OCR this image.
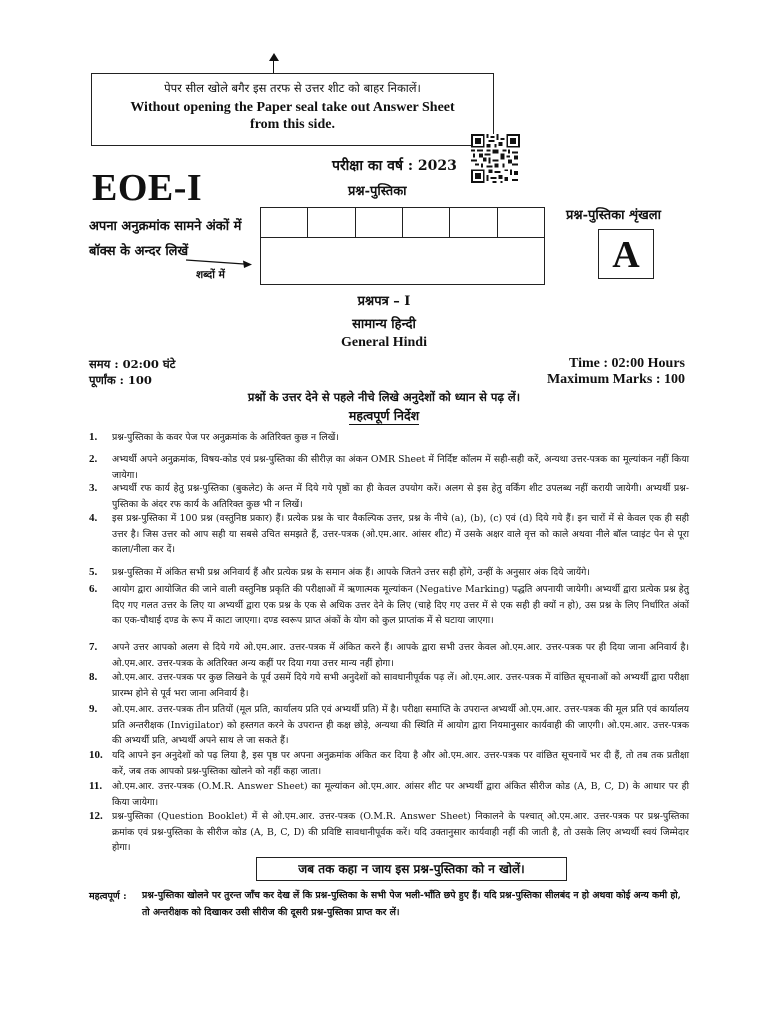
पेपर सील खोले बगैर इस तरफ से उत्तर शीट को बाहर निकालें।
Without opening the Paper seal take out Answer Sheet
from this side.
परीक्षा का वर्ष : 2023
प्रश्न-पुस्तिका
EOE-I
अपना अनुक्रमांक सामने अंकों में
बॉक्स के अन्दर लिखें
शब्दों में
प्रश्न-पुस्तिका शृंखला
A
प्रश्नपत्र – I
सामान्य हिन्दी
General Hindi
समय : 02:00 घंटे
पूर्णांक : 100
Time : 02:00 Hours
Maximum Marks : 100
प्रश्नों के उत्तर देने से पहले नीचे लिखे अनुदेशों को ध्यान से पढ़ लें।
महत्वपूर्ण निर्देश
1. प्रश्न-पुस्तिका के कवर पेज पर अनुक्रमांक के अतिरिक्त कुछ न लिखें।
2. अभ्यर्थी अपने अनुक्रमांक, विषय-कोड एवं प्रश्न-पुस्तिका की सीरीज़ का अंकन OMR Sheet में निर्दिष्ट कॉलम में सही-सही करें, अन्यथा उत्तर-पत्रक का मूल्यांकन नहीं किया जायेगा।
3. अभ्यर्थी रफ कार्य हेतु प्रश्न-पुस्तिका (बुकलेट) के अन्त में दिये गये पृष्ठों का ही केवल उपयोग करें। अलग से इस हेतु वर्किंग शीट उपलब्ध नहीं करायी जायेगी। अभ्यर्थी प्रश्न-पुस्तिका के अंदर रफ कार्य के अतिरिक्त कुछ भी न लिखें।
4. इस प्रश्न-पुस्तिका में 100 प्रश्न (वस्तुनिष्ठ प्रकार) हैं। प्रत्येक प्रश्न के चार वैकल्पिक उत्तर, प्रश्न के नीचे (a), (b), (c) एवं (d) दिये गये हैं। इन चारों में से केवल एक ही सही उत्तर है। जिस उत्तर को आप सही या सबसे उचित समझते हैं, उत्तर-पत्रक (ओ.एम.आर. आंसर शीट) में उसके अक्षर वाले वृत्त को काले अथवा नीले बॉल प्वाइंट पेन से पूरा काला/नीला कर दें।
5. प्रश्न-पुस्तिका में अंकित सभी प्रश्न अनिवार्य हैं और प्रत्येक प्रश्न के समान अंक हैं। आपके जितने उत्तर सही होंगे, उन्हीं के अनुसार अंक दिये जायेंगे।
6. आयोग द्वारा आयोजित की जाने वाली वस्तुनिष्ठ प्रकृति की परीक्षाओं में ऋणात्मक मूल्यांकन (Negative Marking) पद्धति अपनायी जायेगी। अभ्यर्थी द्वारा प्रत्येक प्रश्न हेतु दिए गए गलत उत्तर के लिए या अभ्यर्थी द्वारा एक प्रश्न के एक से अधिक उत्तर देने के लिए (चाहे दिए गए उत्तर में से एक सही ही क्यों न हो), उस प्रश्न के लिए निर्धारित अंकों का एक-चौथाई दण्ड के रूप में काटा जाएगा। दण्ड स्वरूप प्राप्त अंकों के योग को कुल प्राप्तांक में से घटाया जाएगा।
7. अपने उत्तर आपको अलग से दिये गये ओ.एम.आर. उत्तर-पत्रक में अंकित करने हैं। आपके द्वारा सभी उत्तर केवल ओ.एम.आर. उत्तर-पत्रक पर ही दिया जाना अनिवार्य है। ओ.एम.आर. उत्तर-पत्रक के अतिरिक्त अन्य कहीं पर दिया गया उत्तर मान्य नहीं होगा।
8. ओ.एम.आर. उत्तर-पत्रक पर कुछ लिखने के पूर्व उसमें दिये गये सभी अनुदेशों को सावधानीपूर्वक पढ़ लें। ओ.एम.आर. उत्तर-पत्रक में वांछित सूचनाओं को अभ्यर्थी द्वारा परीक्षा प्रारम्भ होने से पूर्व भरा जाना अनिवार्य है।
9. ओ.एम.आर. उत्तर-पत्रक तीन प्रतियों (मूल प्रति, कार्यालय प्रति एवं अभ्यर्थी प्रति) में है। परीक्षा समाप्ति के उपरान्त अभ्यर्थी ओ.एम.आर. उत्तर-पत्रक की मूल प्रति एवं कार्यालय प्रति अन्तरीक्षक (Invigilator) को हस्तगत करने के उपरान्त ही कक्ष छोड़े, अन्यथा की स्थिति में आयोग द्वारा नियमानुसार कार्यवाही की जाएगी। ओ.एम.आर. उत्तर-पत्रक की अभ्यर्थी प्रति, अभ्यर्थी अपने साथ ले जा सकते हैं।
10. यदि आपने इन अनुदेशों को पढ़ लिया है, इस पृष्ठ पर अपना अनुक्रमांक अंकित कर दिया है और ओ.एम.आर. उत्तर-पत्रक पर वांछित सूचनायें भर दी हैं, तो तब तक प्रतीक्षा करें, जब तक आपको प्रश्न-पुस्तिका खोलने को नहीं कहा जाता।
11. ओ.एम.आर. उत्तर-पत्रक (O.M.R. Answer Sheet) का मूल्यांकन ओ.एम.आर. आंसर शीट पर अभ्यर्थी द्वारा अंकित सीरीज कोड (A, B, C, D) के आधार पर ही किया जायेगा।
12. प्रश्न-पुस्तिका (Question Booklet) में से ओ.एम.आर. उत्तर-पत्रक (O.M.R. Answer Sheet) निकालने के पश्चात् ओ.एम.आर. उत्तर-पत्रक पर प्रश्न-पुस्तिका क्रमांक एवं प्रश्न-पुस्तिका के सीरीज कोड (A, B, C, D) की प्रविष्टि सावधानीपूर्वक करें। यदि उक्तानुसार कार्यवाही नहीं की जाती है, तो उसके लिए अभ्यर्थी स्वयं जिम्मेदार होगा।
जब तक कहा न जाय इस प्रश्न-पुस्तिका को न खोलें।
महत्वपूर्ण : प्रश्न-पुस्तिका खोलने पर तुरन्त जाँच कर देख लें कि प्रश्न-पुस्तिका के सभी पेज भली-भाँति छपे हुए हैं। यदि प्रश्न-पुस्तिका सीलबंद न हो अथवा कोई अन्य कमी हो, तो अन्तरीक्षक को दिखाकर उसी सीरीज की दूसरी प्रश्न-पुस्तिका प्राप्त कर लें।
